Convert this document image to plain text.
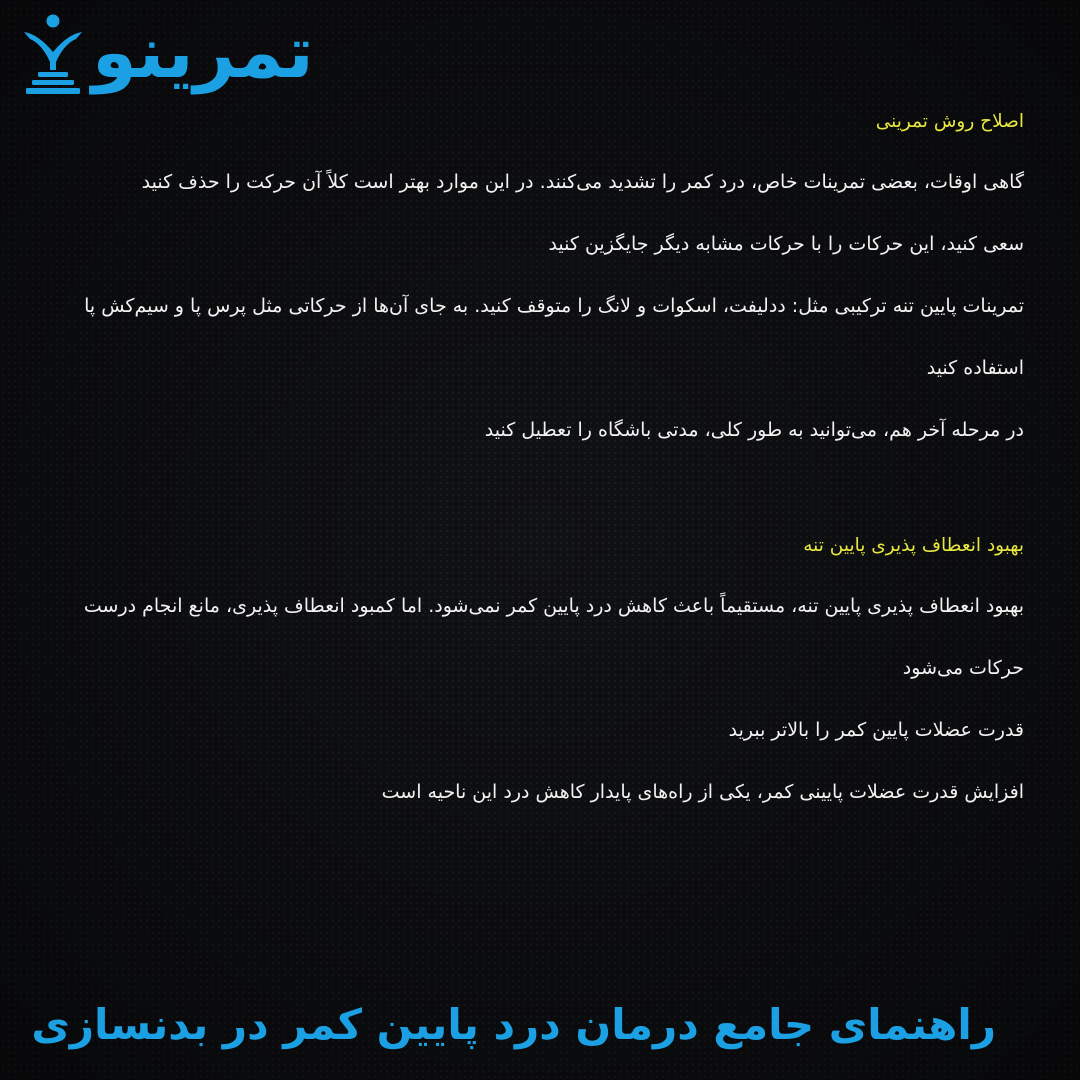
تمرینو

اصلاح روش تمرینی

گاهی اوقات، بعضی تمرینات خاص، درد کمر را تشدید می‌کنند. در این موارد بهتر است کلاً آن حرکت را حذف کنید

سعی کنید، این حرکات را با حرکات مشابه دیگر جایگزین کنید

تمرینات پایین تنه ترکیبی مثل: ددلیفت، اسکوات و لانگ را متوقف کنید. به جای آن‌ها از حرکاتی مثل پرس پا و سیم‌کش پا استفاده کنید

در مرحله آخر هم، می‌توانید به طور کلی، مدتی باشگاه را تعطیل کنید

بهبود انعطاف پذیری پایین تنه

بهبود انعطاف پذیری پایین تنه، مستقیماً باعث کاهش درد پایین کمر نمی‌شود. اما کمبود انعطاف پذیری، مانع انجام درست حرکات می‌شود

قدرت عضلات پایین کمر را بالاتر ببرید

افزایش قدرت عضلات پایینی کمر، یکی از راه‌های پایدار کاهش درد این ناحیه است

راهنمای جامع درمان درد پایین کمر در بدنسازی
